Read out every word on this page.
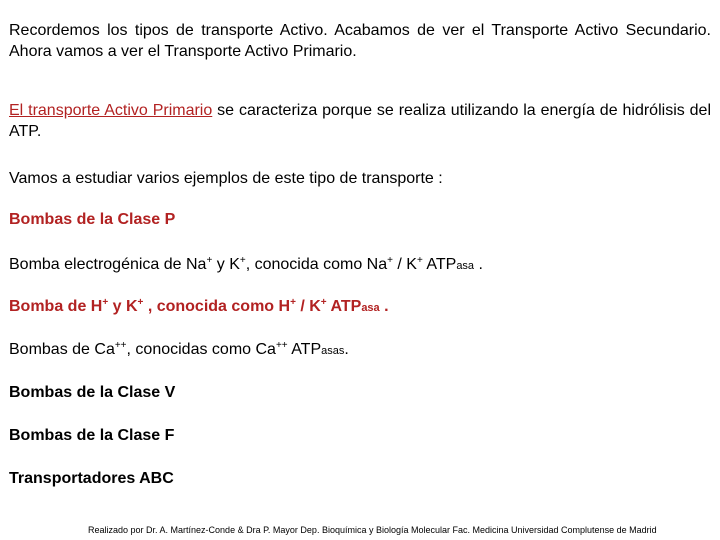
Recordemos los tipos de transporte Activo. Acabamos de ver el Transporte Activo Secundario. Ahora vamos a ver el Transporte Activo Primario.

El transporte Activo Primario se caracteriza porque se realiza utilizando la energía de hidrólisis del ATP.

Vamos a estudiar varios ejemplos de este tipo de transporte :

Bombas de la Clase P

Bomba electrogénica de Na+ y K+, conocida como Na+ / K+ ATPasa .

Bomba de H+ y K+ , conocida como H+ / K+ ATPasa .

Bombas de Ca++, conocidas como Ca++ ATPasas.

Bombas de la Clase V

Bombas de la Clase F

Transportadores ABC

Realizado por Dr. A. Martínez-Conde & Dra P. Mayor Dep. Bioquímica y Biología Molecular Fac. Medicina Universidad Complutense de Madrid
